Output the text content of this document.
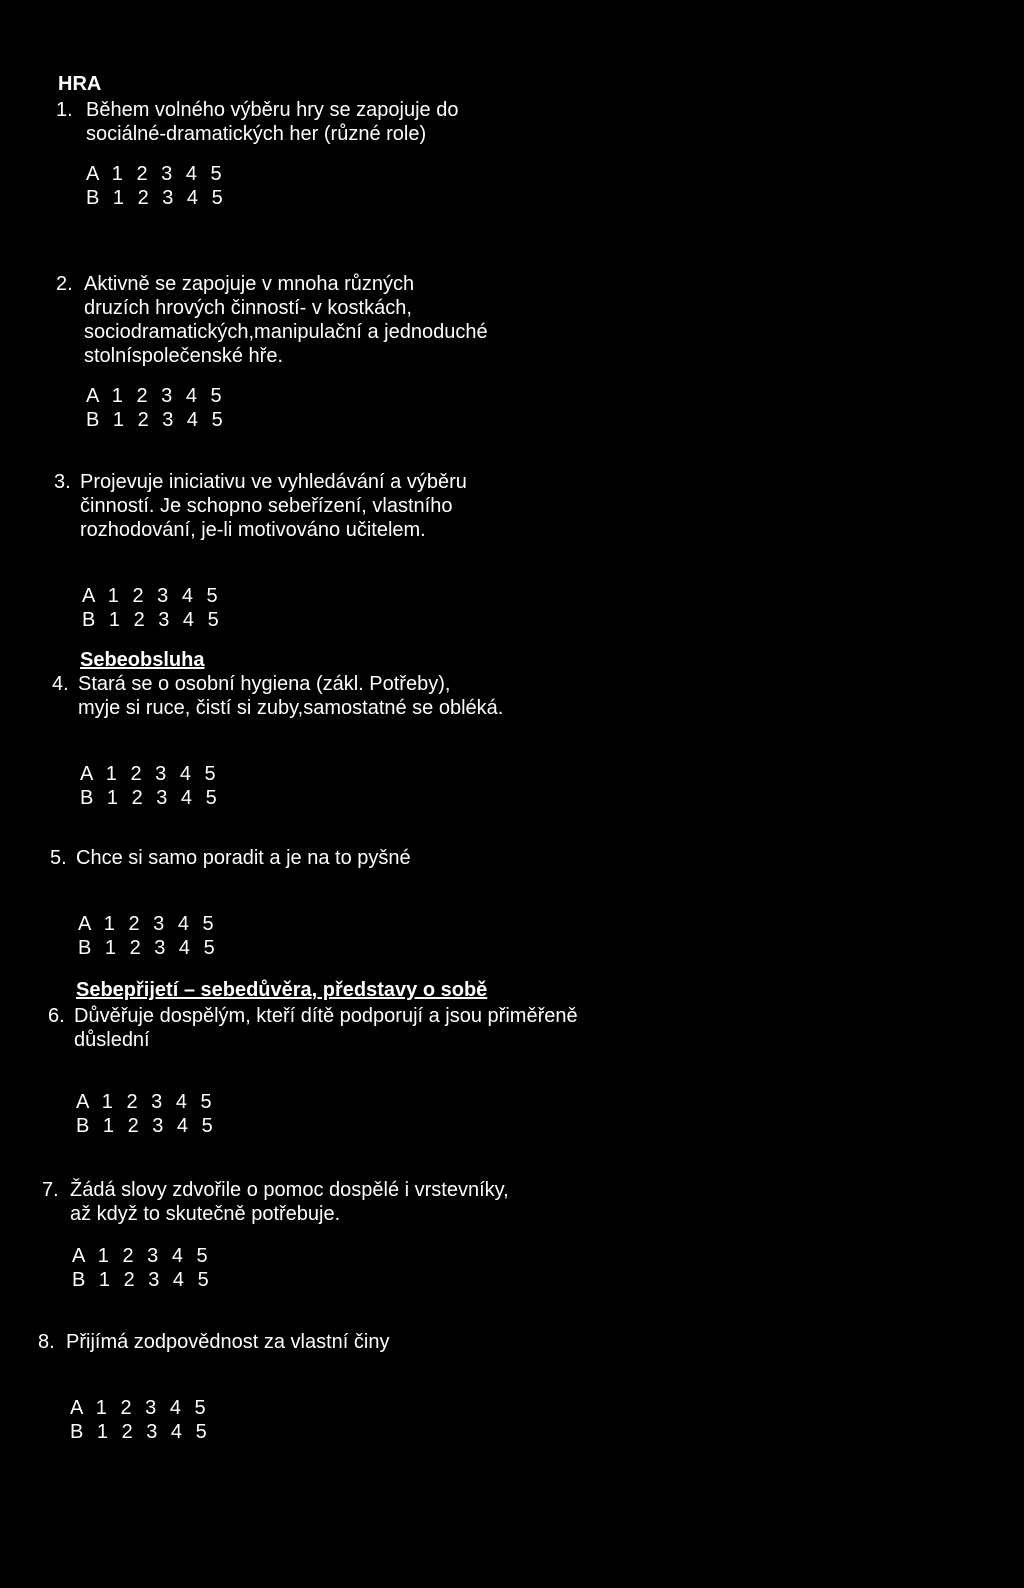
HRA
1. Během volného výběru hry se zapojuje do
sociálné-dramatických her (různé role)
A 1 2 3 4 5
B 1 2 3 4 5
2. Aktivně se zapojuje v mnoha různých
druzích hrových činností- v kostkách,
sociodramatických,manipulační a jednoduché
stolníspolečenské hře.
A 1 2 3 4 5
B 1 2 3 4 5
3. Projevuje iniciativu ve vyhledávání a výběru
činností. Je schopno sebeřízení, vlastního
rozhodování, je-li motivováno učitelem.
A 1 2 3 4 5
B 1 2 3 4 5
Sebeobsluha
4. Stará se o osobní hygiena (zákl. Potřeby),
myje si ruce, čistí si zuby,samostatné se obléká.
A 1 2 3 4 5
B 1 2 3 4 5
5. Chce si samo poradit a je na to pyšné
A 1 2 3 4 5
B 1 2 3 4 5
Sebepřijetí – sebedůvěra, představy o sobě
6. Důvěřuje dospělým, kteří dítě podporují a jsou přiměřeně
důslední
A 1 2 3 4 5
B 1 2 3 4 5
7. Žádá slovy zdvořile o pomoc dospělé i vrstevníky,
až když to skutečně potřebuje.
A 1 2 3 4 5
B 1 2 3 4 5
8. Přijímá zodpovědnost za vlastní činy
A 1 2 3 4 5
B 1 2 3 4 5
